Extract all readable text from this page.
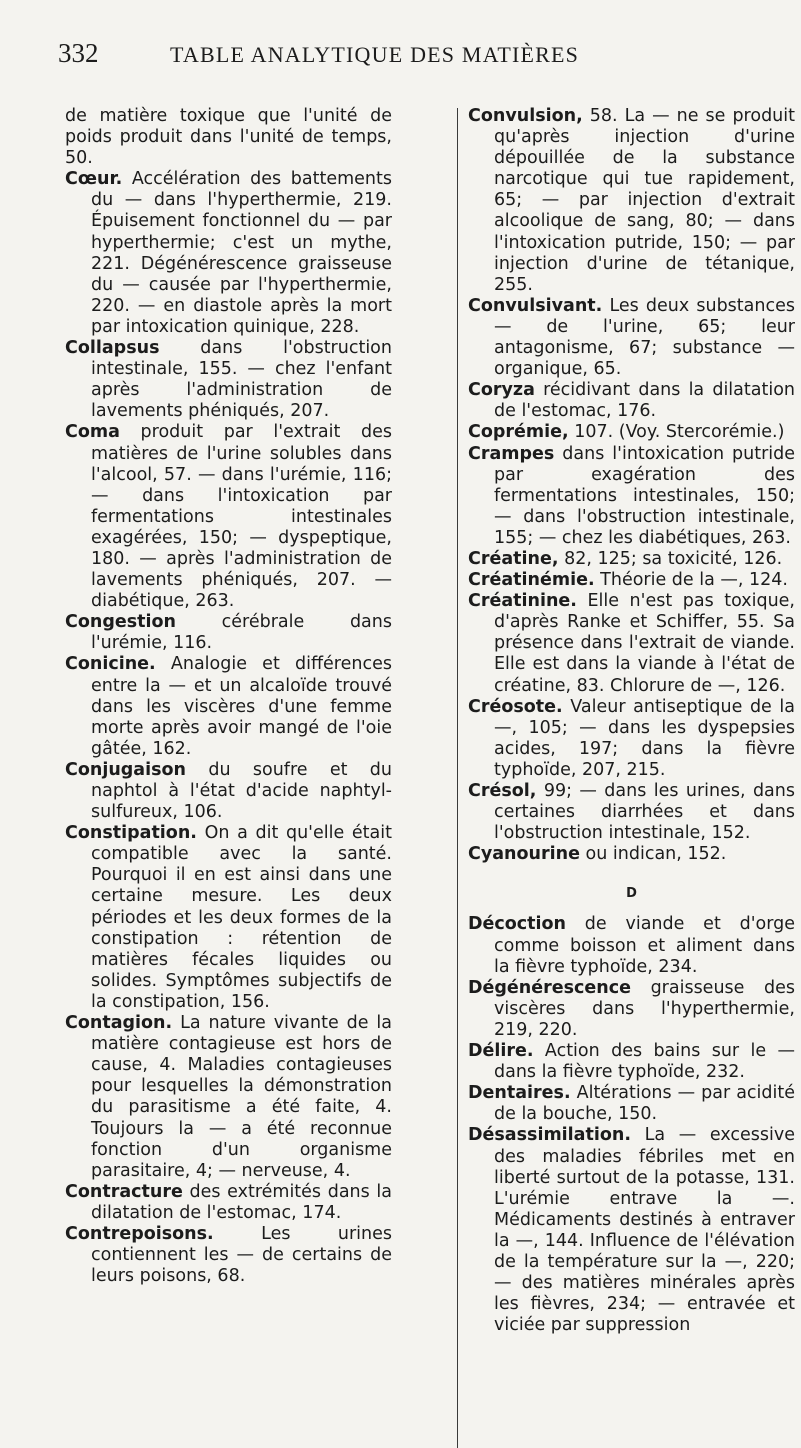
332	TABLE ANALYTIQUE DES MATIÈRES

de matière toxique que l'unité de poids produit dans l'unité de temps, 50.

Cœur. Accélération des battements du — dans l'hyperthermie, 219. Épuisement fonctionnel du — par hyperthermie; c'est un mythe, 221. Dégénérescence graisseuse du — causée par l'hyperthermie, 220. — en diastole après la mort par intoxication quinique, 228.

Collapsus dans l'obstruction intestinale, 155. — chez l'enfant après l'administration de lavements phéniqués, 207.

Coma produit par l'extrait des matières de l'urine solubles dans l'alcool, 57. — dans l'urémie, 116; — dans l'intoxication par fermentations intestinales exagérées, 150; — dyspeptique, 180. — après l'administration de lavements phéniqués, 207. — diabétique, 263.

Congestion cérébrale dans l'urémie, 116.

Conicine. Analogie et différences entre la — et un alcaloïde trouvé dans les viscères d'une femme morte après avoir mangé de l'oie gâtée, 162.

Conjugaison du soufre et du naphtol à l'état d'acide naphtyl-sulfureux, 106.

Constipation. On a dit qu'elle était compatible avec la santé. Pourquoi il en est ainsi dans une certaine mesure. Les deux périodes et les deux formes de la constipation : rétention de matières fécales liquides ou solides. Symptômes subjectifs de la constipation, 156.

Contagion. La nature vivante de la matière contagieuse est hors de cause, 4. Maladies contagieuses pour lesquelles la démonstration du parasitisme a été faite, 4. Toujours la — a été reconnue fonction d'un organisme parasitaire, 4; — nerveuse, 4.

Contracture des extrémités dans la dilatation de l'estomac, 174.

Contrepoisons. Les urines contiennent les — de certains de leurs poisons, 68.

Convulsion, 58. La — ne se produit qu'après injection d'urine dépouillée de la substance narcotique qui tue rapidement, 65; — par injection d'extrait alcoolique de sang, 80; — dans l'intoxication putride, 150; — par injection d'urine de tétanique, 255.

Convulsivant. Les deux substances — de l'urine, 65; leur antagonisme, 67; substance — organique, 65.

Coryza récidivant dans la dilatation de l'estomac, 176.

Coprémie, 107. (Voy. Stercorémie.)

Crampes dans l'intoxication putride par exagération des fermentations intestinales, 150; — dans l'obstruction intestinale, 155; — chez les diabétiques, 263.

Créatine, 82, 125; sa toxicité, 126.

Créatinémie. Théorie de la —, 124.

Créatinine. Elle n'est pas toxique, d'après Ranke et Schiffer, 55. Sa présence dans l'extrait de viande. Elle est dans la viande à l'état de créatine, 83. Chlorure de —, 126.

Créosote. Valeur antiseptique de la —, 105; — dans les dyspepsies acides, 197; dans la fièvre typhoïde, 207, 215.

Crésol, 99; — dans les urines, dans certaines diarrhées et dans l'obstruction intestinale, 152.

Cyanourine ou indican, 152.

D

Décoction de viande et d'orge comme boisson et aliment dans la fièvre typhoïde, 234.

Dégénérescence graisseuse des viscères dans l'hyperthermie, 219, 220.

Délire. Action des bains sur le — dans la fièvre typhoïde, 232.

Dentaires. Altérations — par acidité de la bouche, 150.

Désassimilation. La — excessive des maladies fébriles met en liberté surtout de la potasse, 131. L'urémie entrave la —. Médicaments destinés à entraver la —, 144. Influence de l'élévation de la température sur la —, 220; — des matières minérales après les fièvres, 234; — entravée et viciée par suppression
